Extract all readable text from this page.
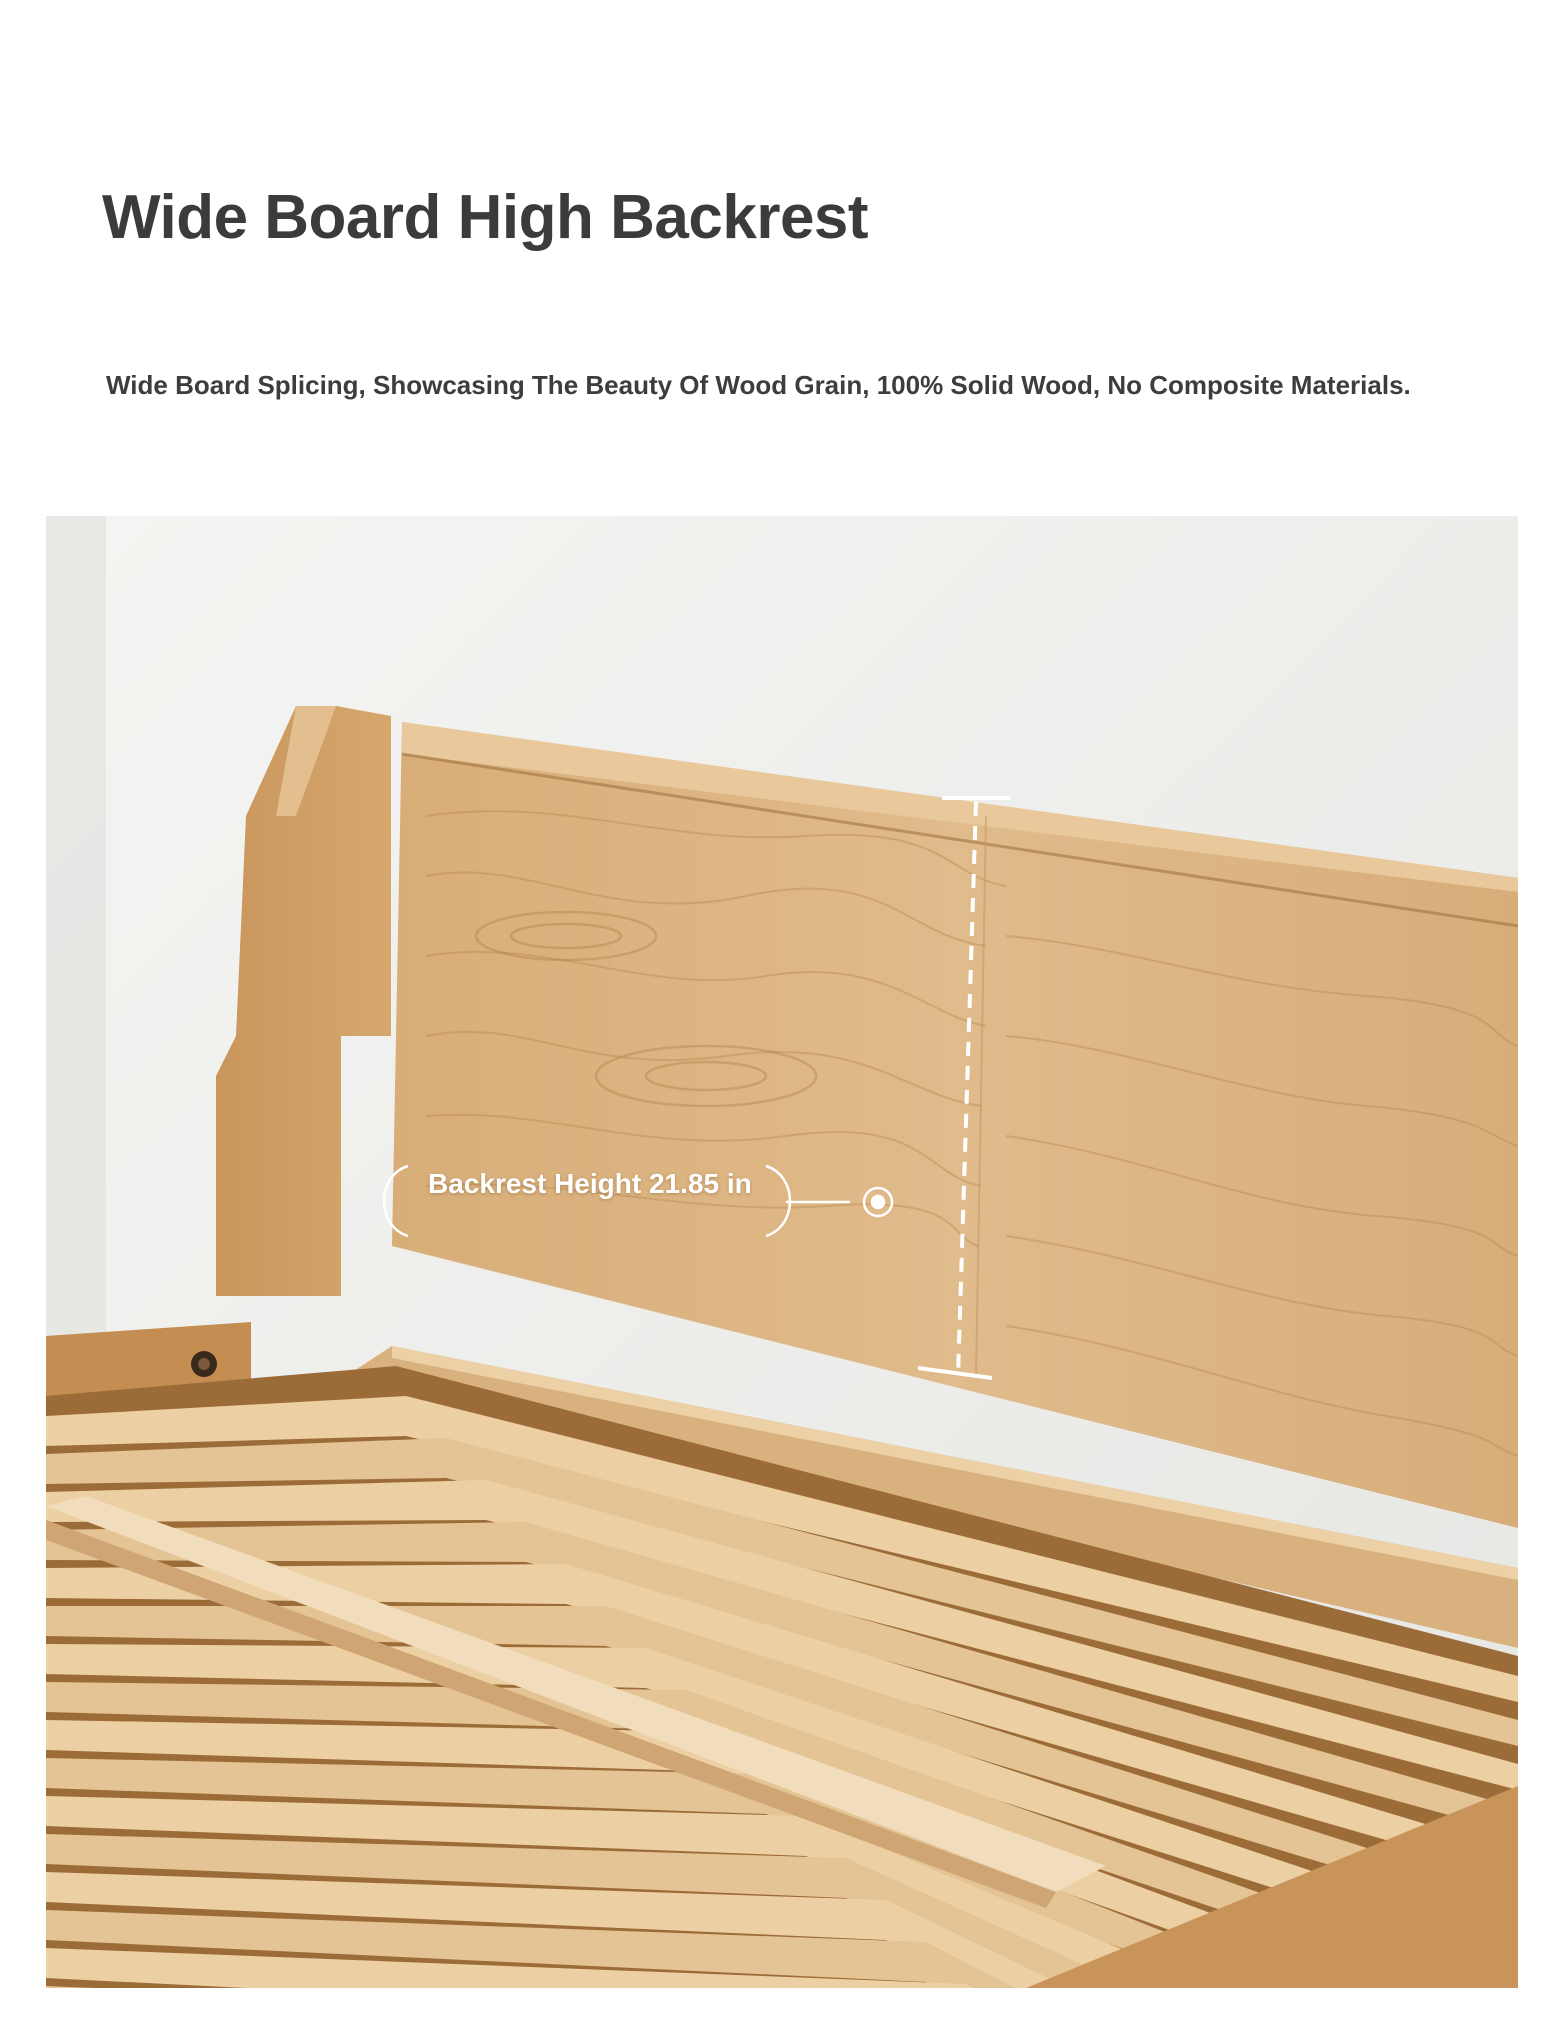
Wide Board High Backrest

Wide Board Splicing, Showcasing The Beauty Of Wood Grain, 100% Solid Wood, No Composite Materials.

Backrest Height 21.85 in
